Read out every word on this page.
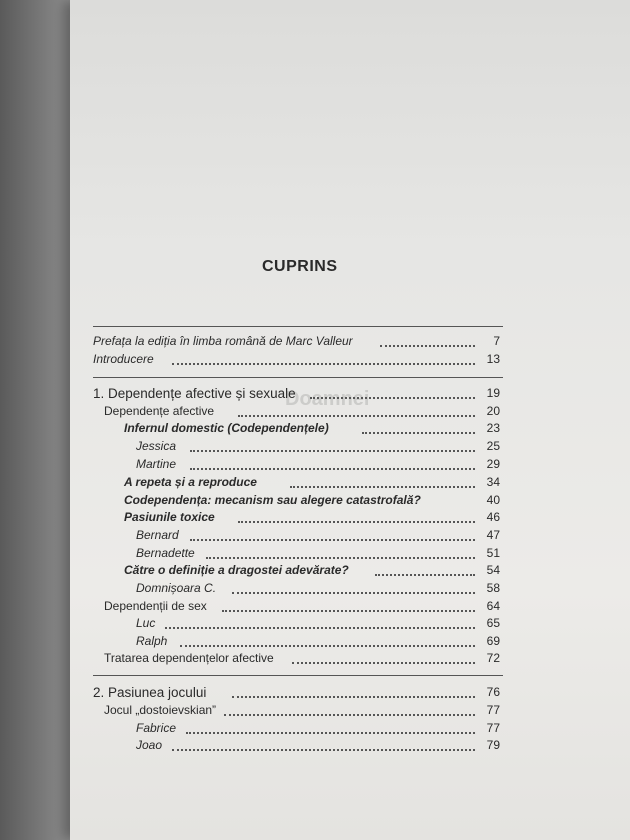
CUPRINS
Prefața la ediția în limba română de Marc Valleur	7
Introducere	13
1. Dependențe afective și sexuale	19
Dependențe afective	20
Infernul domestic (Codependențele)	23
Jessica	25
Martine	29
A repeta și a reproduce	34
Codependența: mecanism sau alegere catastrofală?	40
Pasiunile toxice	46
Bernard	47
Bernadette	51
Către o definiție a dragostei adevărate?	54
Domnișoara C.	58
Dependenții de sex	64
Luc	65
Ralph	69
Tratarea dependențelor afective	72
2. Pasiunea jocului	76
Jocul „dostoievskian”	77
Fabrice	77
Joao	79
Doamnei
